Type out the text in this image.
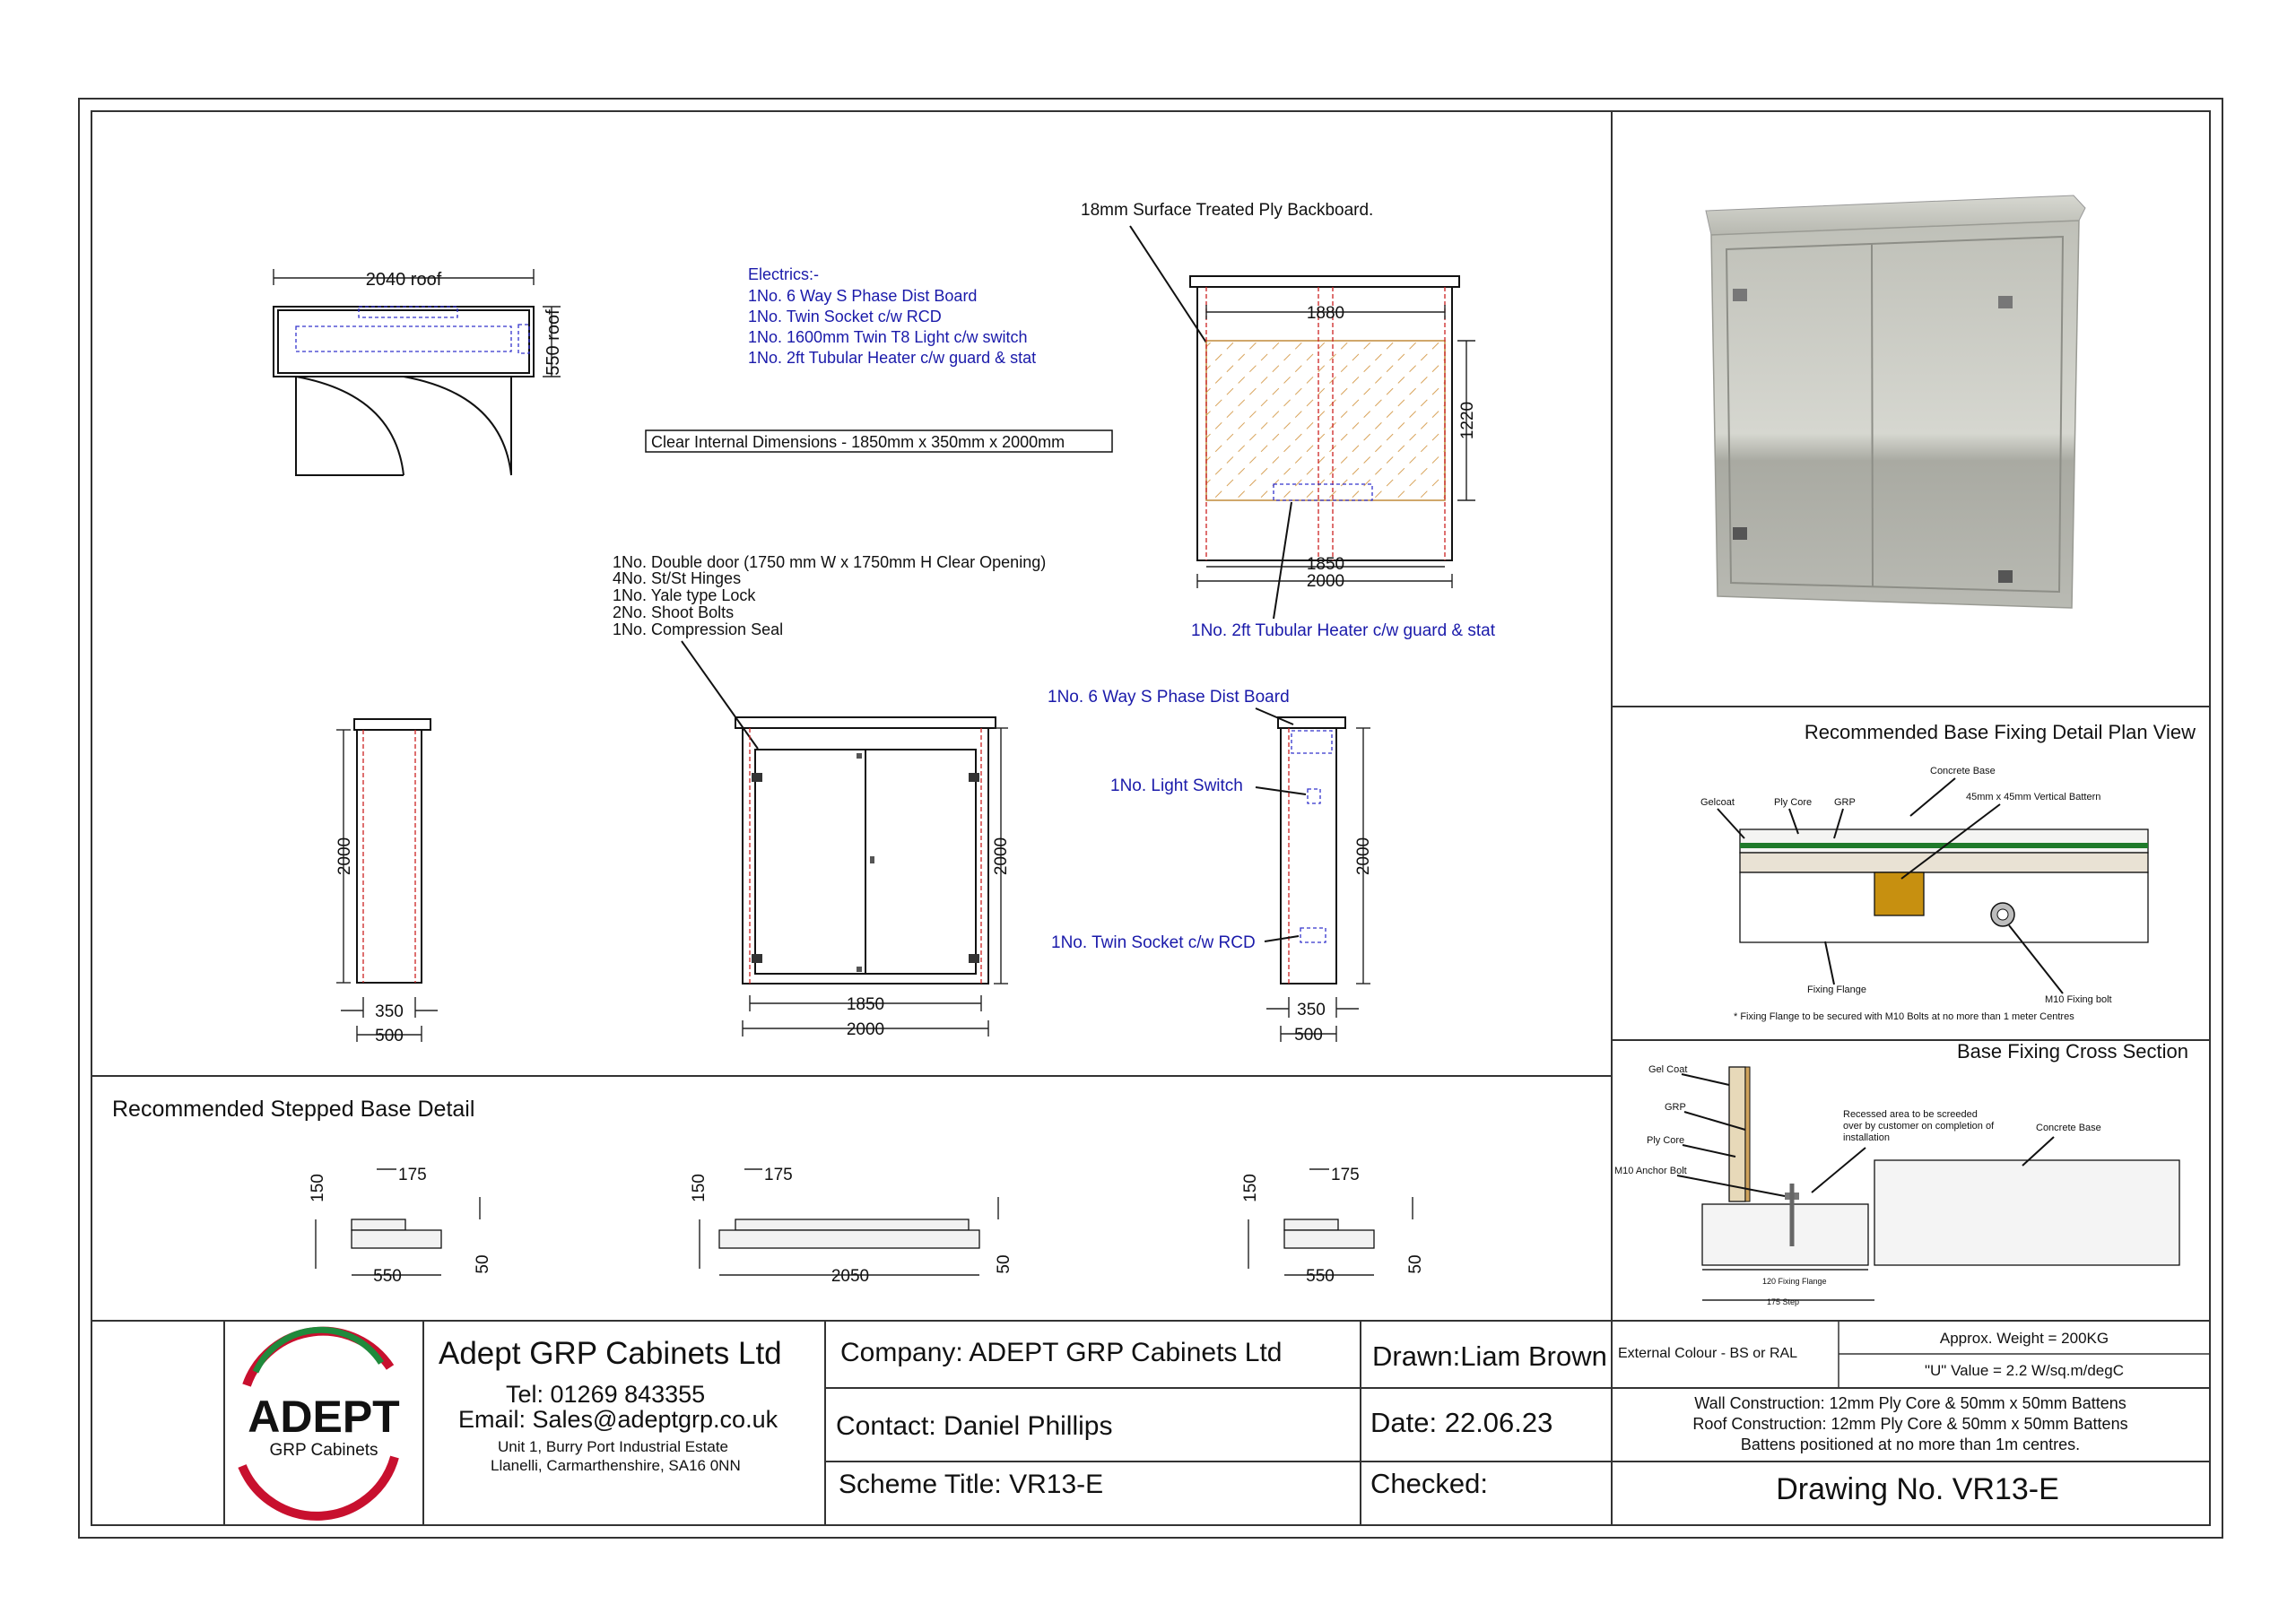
2040 roof
550 roof
Electrics:-
1No. 6 Way S Phase Dist Board
1No. Twin Socket c/w RCD
1No. 1600mm Twin T8 Light c/w switch
1No. 2ft Tubular Heater c/w guard & stat
Clear Internal Dimensions - 1850mm x 350mm x 2000mm
18mm Surface Treated Ply Backboard.
1880
1220
1850
2000
1No. 2ft Tubular Heater c/w guard & stat
1No. Double door (1750 mm W x 1750mm H Clear Opening)
4No. St/St Hinges
1No. Yale type Lock
2No. Shoot Bolts
1No. Compression Seal
2000
350
500
2000
1850
2000
1No. 6 Way S Phase Dist Board
1No. Light Switch
1No. Twin Socket c/w RCD
2000
350
500
Recommended Base Fixing Detail Plan View
Concrete Base
45mm x 45mm Vertical Battern
Gelcoat	Ply Core GRP
Fixing Flange
M10 Fixing bolt
* Fixing Flange to be secured with M10 Bolts at no more than 1 meter Centres
Base Fixing Cross Section
Gel Coat
GRP
Ply Core
M10 Anchor Bolt
Recessed area to be screeded
over by customer on completion of
installation
Concrete Base
120 Fixing Flange
175 Step
Recommended Stepped Base Detail
150	175
50
550
150	175
50
2050
150	175
50
550
ADEPT
GRP Cabinets
Adept GRP Cabinets Ltd
Tel: 01269 843355
Email: Sales@adeptgrp.co.uk
Unit 1, Burry Port Industrial Estate
Llanelli, Carmarthenshire, SA16 0NN
Company: ADEPT GRP Cabinets Ltd
Contact: Daniel Phillips
Scheme Title: VR13-E
Drawn:Liam Brown
Date: 22.06.23
Checked:
External Colour - BS or RAL
Approx. Weight = 200KG
"U" Value = 2.2 W/sq.m/degC
Wall Construction: 12mm Ply Core & 50mm x 50mm Battens
Roof Construction: 12mm Ply Core & 50mm x 50mm Battens
Battens positioned at no more than 1m centres.
Drawing No. VR13-E
